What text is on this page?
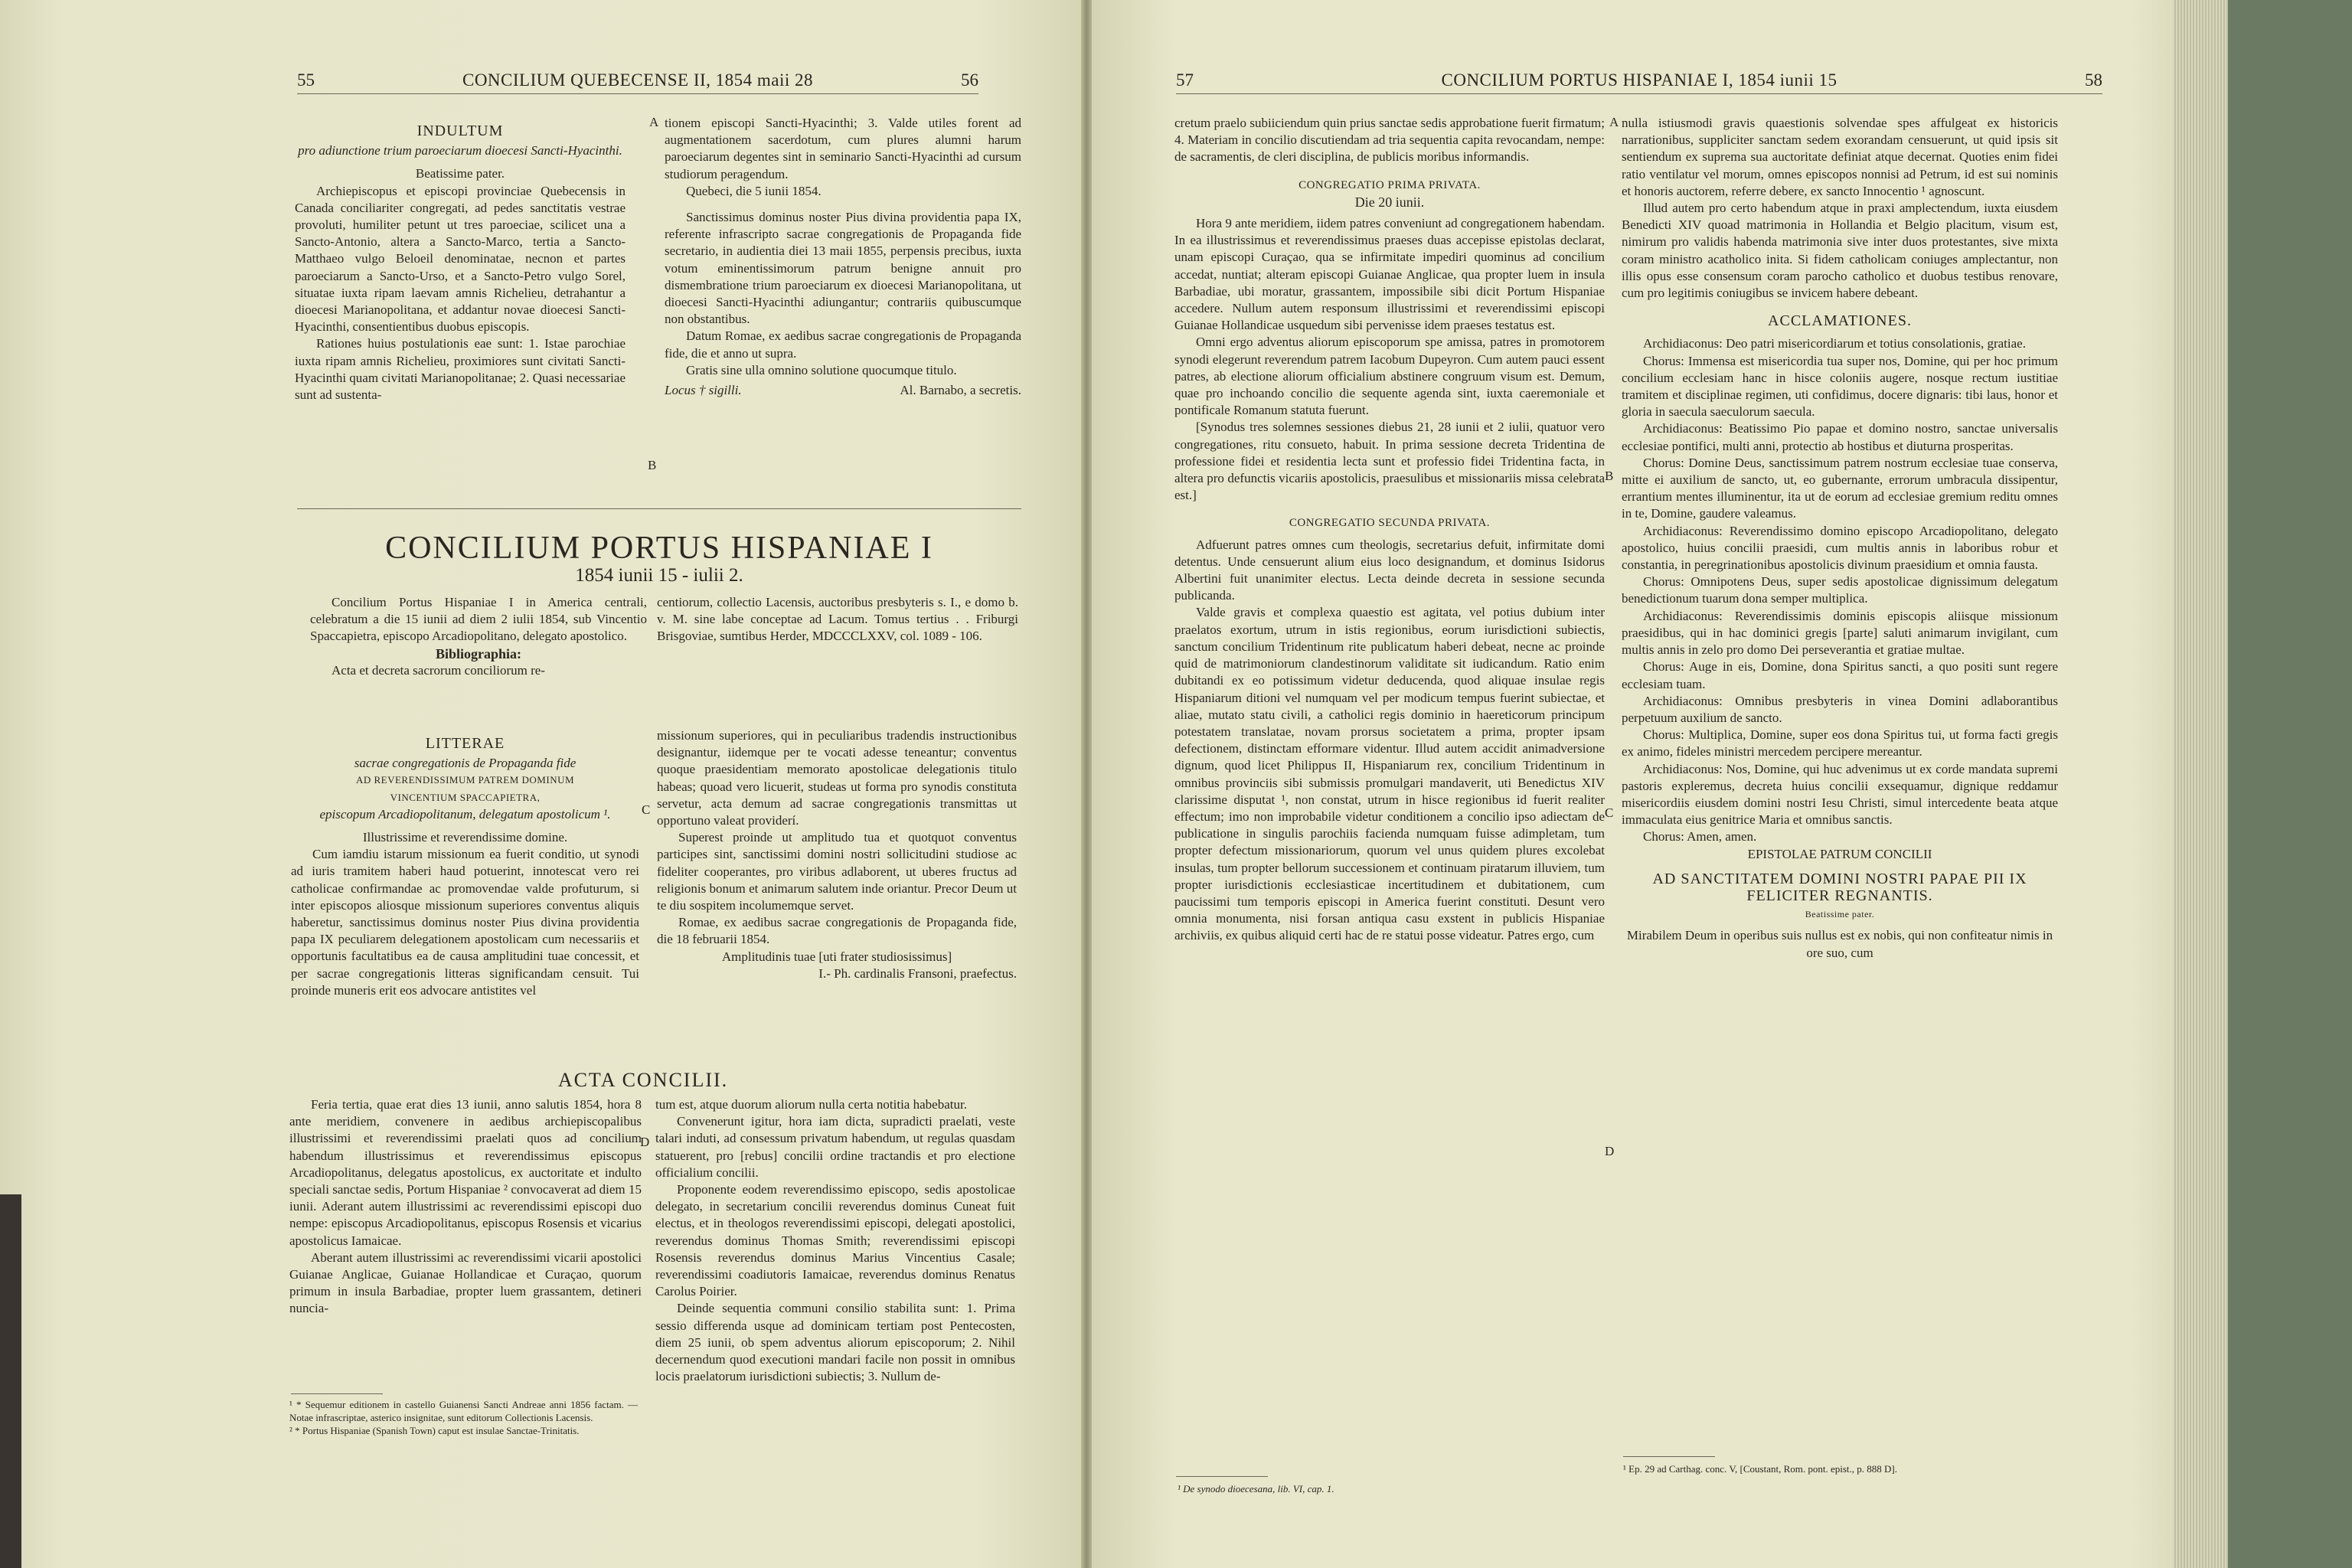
55	CONCILIUM QUEBECENSE II, 1854 maii 28	56

INDULTUM

pro adiunctione trium paroeciarum dioecesi Sancti-Hyacinthi.

Beatissime pater.

Archiepiscopus et episcopi provinciae Quebecensis in Canada conciliariter congregati, ad pedes sanctitatis vestrae provoluti, humiliter petunt ut tres paroeciae, scilicet una a Sancto-Antonio, altera a Sancto-Marco, tertia a Sancto-Matthaeo vulgo Beloeil denominatae, necnon et partes paroeciarum a Sancto-Urso, et a Sancto-Petro vulgo Sorel, situatae iuxta ripam laevam amnis Richelieu, detrahantur a dioecesi Marianopolitana, et addantur novae dioecesi Sancti-Hyacinthi, consentientibus duobus episcopis.

Rationes huius postulationis eae sunt: 1. Istae parochiae iuxta ripam amnis Richelieu, proximiores sunt civitati Sancti-Hyacinthi quam civitati Marianopolitanae; 2. Quasi necessariae sunt ad sustenta-

A tionem episcopi Sancti-Hyacinthi; 3. Valde utiles forent ad augmentationem sacerdotum, cum plures alumni harum paroeciarum degentes sint in seminario Sancti-Hyacinthi ad cursum studiorum peragendum.

Quebeci, die 5 iunii 1854.

Sanctissimus dominus noster Pius divina providentia papa IX, referente infrascripto sacrae congregationis de Propaganda fide secretario, in audientia diei 13 maii 1855, perpensis precibus, iuxta votum eminentissimorum patrum benigne annuit pro dismembratione trium paroeciarum ex dioecesi Marianopolitana, ut dioecesi Sancti-Hyacinthi adiungantur; contrariis quibuscumque non obstantibus.

Datum Romae, ex aedibus sacrae congregationis de Propaganda fide, die et anno ut supra.

Gratis sine ulla omnino solutione quocumque titulo.

Locus † sigilli.	Al. Barnabo, a secretis.
B
CONCILIUM PORTUS HISPANIAE I
1854 iunii 15 - iulii 2.

Concilium Portus Hispaniae I in America centrali, celebratum a die 15 iunii ad diem 2 iulii 1854, sub Vincentio Spaccapietra, episcopo Arcadiopolitano, delegato apostolico.

Bibliographia:

Acta et decreta sacrorum conciliorum re-

centiorum, collectio Lacensis, auctoribus presbyteris s. I., e domo b. v. M. sine labe conceptae ad Lacum. Tomus tertius . . Friburgi Brisgoviae, sumtibus Herder, MDCCCLXXV, col. 1089 - 106.

LITTERAE

sacrae congregationis de Propaganda fide

AD REVERENDISSIMUM PATREM DOMINUM

VINCENTIUM SPACCAPIETRA,

episcopum Arcadiopolitanum, delegatum apostolicum ¹.

Illustrissime et reverendissime domine.

Cum iamdiu istarum missionum ea fuerit conditio, ut synodi ad iuris tramitem haberi haud potuerint, innotescat vero rei catholicae confirmandae ac promovendae valde profuturum, si inter episcopos aliosque missionum superiores conventus aliquis haberetur, sanctissimus dominus noster Pius divina providentia papa IX peculiarem delegationem apostolicam cum necessariis et opportunis facultatibus ea de causa amplitudini tuae concessit, et per sacrae congregationis litteras significandam censuit. Tui proinde muneris erit eos advocare antistites vel

C

missionum superiores, qui in peculiaribus tradendis instructionibus designantur, iidemque per te vocati adesse teneantur; conventus quoque praesidentiam memorato apostolicae delegationis titulo habeas; quoad vero licuerit, studeas ut forma pro synodis constituta servetur, acta demum ad sacrae congregationis transmittas ut opportuno valeat providerí.

Superest proinde ut amplitudo tua et quotquot conventus participes sint, sanctissimi domini nostri sollicitudini studiose ac fideliter cooperantes, pro viribus adlaborent, ut uberes fructus ad religionis bonum et animarum salutem inde oriantur. Precor Deum ut te diu sospitem incolumemque servet.

Romae, ex aedibus sacrae congregationis de Propaganda fide, die 18 februarii 1854.

Amplitudinis tuae [uti frater studiosissimus]

I.- Ph. cardinalis Fransoni, praefectus.

ACTA CONCILII.

Feria tertia, quae erat dies 13 iunii, anno salutis 1854, hora 8 ante meridiem, convenere in aedibus archiepiscopalibus illustrissimi et reverendissimi praelati quos ad concilium habendum illustrissimus et reverendissimus episcopus Arcadiopolitanus, delegatus apostolicus, ex auctoritate et indulto speciali sanctae sedis, Portum Hispaniae ² convocaverat ad diem 15 iunii. Aderant autem illustrissimi ac reverendissimi episcopi duo nempe: episcopus Arcadiopolitanus, episcopus Rosensis et vicarius apostolicus Iamaicae.

Aberant autem illustrissimi ac reverendissimi vicarii apostolici Guianae Anglicae, Guianae Hollandicae et Curaçao, quorum primum in insula Barbadiae, propter luem grassantem, detineri nuncia-

D

tum est, atque duorum aliorum nulla certa notitia habebatur.

Convenerunt igitur, hora iam dicta, supradicti praelati, veste talari induti, ad consessum privatum habendum, ut regulas quasdam statuerent, pro [rebus] concilii ordine tractandis et pro electione officialium concilii.

Proponente eodem reverendissimo episcopo, sedis apostolicae delegato, in secretarium concilii reverendus dominus Cuneat fuit electus, et in theologos reverendissimi episcopi, delegati apostolici, reverendus dominus Thomas Smith; reverendissimi episcopi Rosensis reverendus dominus Marius Vincentius Casale; reverendissimi coadiutoris Iamaicae, reverendus dominus Renatus Carolus Poirier.

Deinde sequentia communi consilio stabilita sunt: 1. Prima sessio differenda usque ad dominicam tertiam post Pentecosten, diem 25 iunii, ob spem adventus aliorum episcoporum; 2. Nihil decernendum quod executioni mandari facile non possit in omnibus locis praelatorum iurisdictioni subiectis; 3. Nullum de-

¹ * Sequemur editionem in castello Guianensi Sancti Andreae anni 1856 factam. — Notae infrascriptae, asterico insignitae, sunt editorum Collectionis Lacensis.

² * Portus Hispaniae (Spanish Town) caput est insulae Sanctae-Trinitatis.

57	CONCILIUM PORTUS HISPANIAE I, 1854 iunii 15	58

cretum praelo subiiciendum quin prius sanctae sedis approbatione fuerit firmatum; 4. Materiam in concilio discutiendam ad tria sequentia capita revocandam, nempe: de sacramentis, de cleri disciplina, de publicis moribus informandis.

CONGREGATIO PRIMA PRIVATA.

Die 20 iunii.

Hora 9 ante meridiem, iidem patres conveniunt ad congregationem habendam. In ea illustrissimus et reverendissimus praeses duas accepisse epistolas declarat, unam episcopi Curaçao, qua se infirmitate impediri quominus ad concilium accedat, nuntiat; alteram episcopi Guianae Anglicae, qua propter luem in insula Barbadiae, ubi moratur, grassantem, impossibile sibi dicit Portum Hispaniae accedere. Nullum autem responsum illustrissimi et reverendissimi episcopi Guianae Hollandicae usquedum sibi pervenisse idem praeses testatus est.

Omni ergo adventus aliorum episcoporum spe amissa, patres in promotorem synodi elegerunt reverendum patrem Iacobum Dupeyron. Cum autem pauci essent patres, ab electione aliorum officialium abstinere congruum visum est. Demum, quae pro inchoando concilio die sequente agenda sint, iuxta caeremoniale et pontificale Romanum statuta fuerunt.

[Synodus tres solemnes sessiones diebus 21, 28 iunii et 2 iulii, quatuor vero congregationes, ritu consueto, habuit. In prima sessione decreta Tridentina de professione fidei et residentia lecta sunt et professio fidei Tridentina facta, in altera pro defunctis vicariis apostolicis, praesulibus et missionariis missa celebrata est.]

CONGREGATIO SECUNDA PRIVATA.

Adfuerunt patres omnes cum theologis, secretarius defuit, infirmitate domi detentus. Unde censuerunt alium eius loco designandum, et dominus Isidorus Albertini fuit unanimiter electus. Lecta deinde decreta in sessione secunda publicanda.

Valde gravis et complexa quaestio est agitata, vel potius dubium inter praelatos exortum, utrum in istis regionibus, eorum iurisdictioni subiectis, sanctum concilium Tridentinum rite publicatum haberi debeat, necne ac proinde quid de matrimoniorum clandestinorum validitate sit iudicandum. Ratio enim dubitandi ex eo potissimum videtur deducenda, quod aliquae insulae regis Hispaniarum ditioni vel numquam vel per modicum tempus fuerint subiectae, et aliae, mutato statu civili, a catholici regis dominio in haereticorum principum potestatem translatae, novam prorsus societatem a prima, propter ipsam defectionem, distinctam efformare videntur. Illud autem accidit animadversione dignum, quod licet Philippus II, Hispaniarum rex, concilium Tridentinum in omnibus provinciis sibi submissis promulgari mandaverit, uti Benedictus XIV clarissime disputat ¹, non constat, utrum in hisce regionibus id fuerit realiter effectum; imo non improbabile videtur conditionem a concilio ipso adiectam de publicatione in singulis parochiis facienda numquam fuisse adimpletam, tum propter defectum missionariorum, quorum vel unus quidem plures excolebat insulas, tum propter bellorum successionem et continuam piratarum illuviem, tum propter iurisdictionis ecclesiasticae incertitudinem et dubitationem, cum paucissimi tum temporis episcopi in America fuerint constituti. Desunt vero omnia monumenta, nisi forsan antiqua casu exstent in publicis Hispaniae archiviis, ex quibus aliquid certi hac de re statui posse videatur. Patres ergo, cum

A
B
C
D

nulla istiusmodi gravis quaestionis solvendae spes affulgeat ex historicis narrationibus, suppliciter sanctam sedem exorandam censuerunt, ut quid ipsis sit sentiendum ex suprema sua auctoritate definiat atque decernat. Quoties enim fidei ratio ventilatur vel morum, omnes episcopos nonnisi ad Petrum, id est sui nominis et honoris auctorem, referre debere, ex sancto Innocentio ¹ agnoscunt.

Illud autem pro certo habendum atque in praxi amplectendum, iuxta eiusdem Benedicti XIV quoad matrimonia in Hollandia et Belgio placitum, visum est, nimirum pro validis habenda matrimonia sive inter duos protestantes, sive mixta coram ministro acatholico inita. Si fidem catholicam coniuges amplectantur, non illis opus esse consensum coram parocho catholico et duobus testibus renovare, cum pro legitimis coniugibus se invicem habere debeant.

ACCLAMATIONES.

Archidiaconus: Deo patri misericordiarum et totius consolationis, gratiae.

Chorus: Immensa est misericordia tua super nos, Domine, qui per hoc primum concilium ecclesiam hanc in hisce coloniis augere, nosque rectum iustitiae tramitem et disciplinae regimen, uti confidimus, docere dignaris: tibi laus, honor et gloria in saecula saeculorum saecula.

Archidiaconus: Beatissimo Pio papae et domino nostro, sanctae universalis ecclesiae pontifici, multi anni, protectio ab hostibus et diuturna prosperitas.

Chorus: Domine Deus, sanctissimum patrem nostrum ecclesiae tuae conserva, mitte ei auxilium de sancto, ut, eo gubernante, errorum umbracula dissipentur, errantium mentes illuminentur, ita ut de eorum ad ecclesiae gremium reditu omnes in te, Domine, gaudere valeamus.

Archidiaconus: Reverendissimo domino episcopo Arcadiopolitano, delegato apostolico, huius concilii praesidi, cum multis annis in laboribus robur et constantia, in peregrinationibus apostolicis divinum praesidium et omnia fausta.

Chorus: Omnipotens Deus, super sedis apostolicae dignissimum delegatum benedictionum tuarum dona semper multiplica.

Archidiaconus: Reverendissimis dominis episcopis aliisque missionum praesidibus, qui in hac dominici gregis [parte] saluti animarum invigilant, cum multis annis in zelo pro domo Dei perseverantia et gratiae multae.

Chorus: Auge in eis, Domine, dona Spiritus sancti, a quo positi sunt regere ecclesiam tuam.

Archidiaconus: Omnibus presbyteris in vinea Domini adlaborantibus perpetuum auxilium de sancto.

Chorus: Multiplica, Domine, super eos dona Spiritus tui, ut forma facti gregis ex animo, fideles ministri mercedem percipere mereantur.

Archidiaconus: Nos, Domine, qui huc advenimus ut ex corde mandata supremi pastoris expleremus, decreta huius concilii exsequamur, dignique reddamur misericordiis eiusdem domini nostri Iesu Christi, simul intercedente beata atque immaculata eius genitrice Maria et omnibus sanctis.

Chorus: Amen, amen.

EPISTOLAE PATRUM CONCILII

AD SANCTITATEM DOMINI NOSTRI PAPAE PII IX FELICITER REGNANTIS.

Beatissime pater.

Mirabilem Deum in operibus suis nullus est ex nobis, qui non confiteatur nimis in ore suo, cum

¹ De synodo dioecesana, lib. VI, cap. 1.
¹ Ep. 29 ad Carthag. conc. V, [Coustant, Rom. pont. epist., p. 888 D].
